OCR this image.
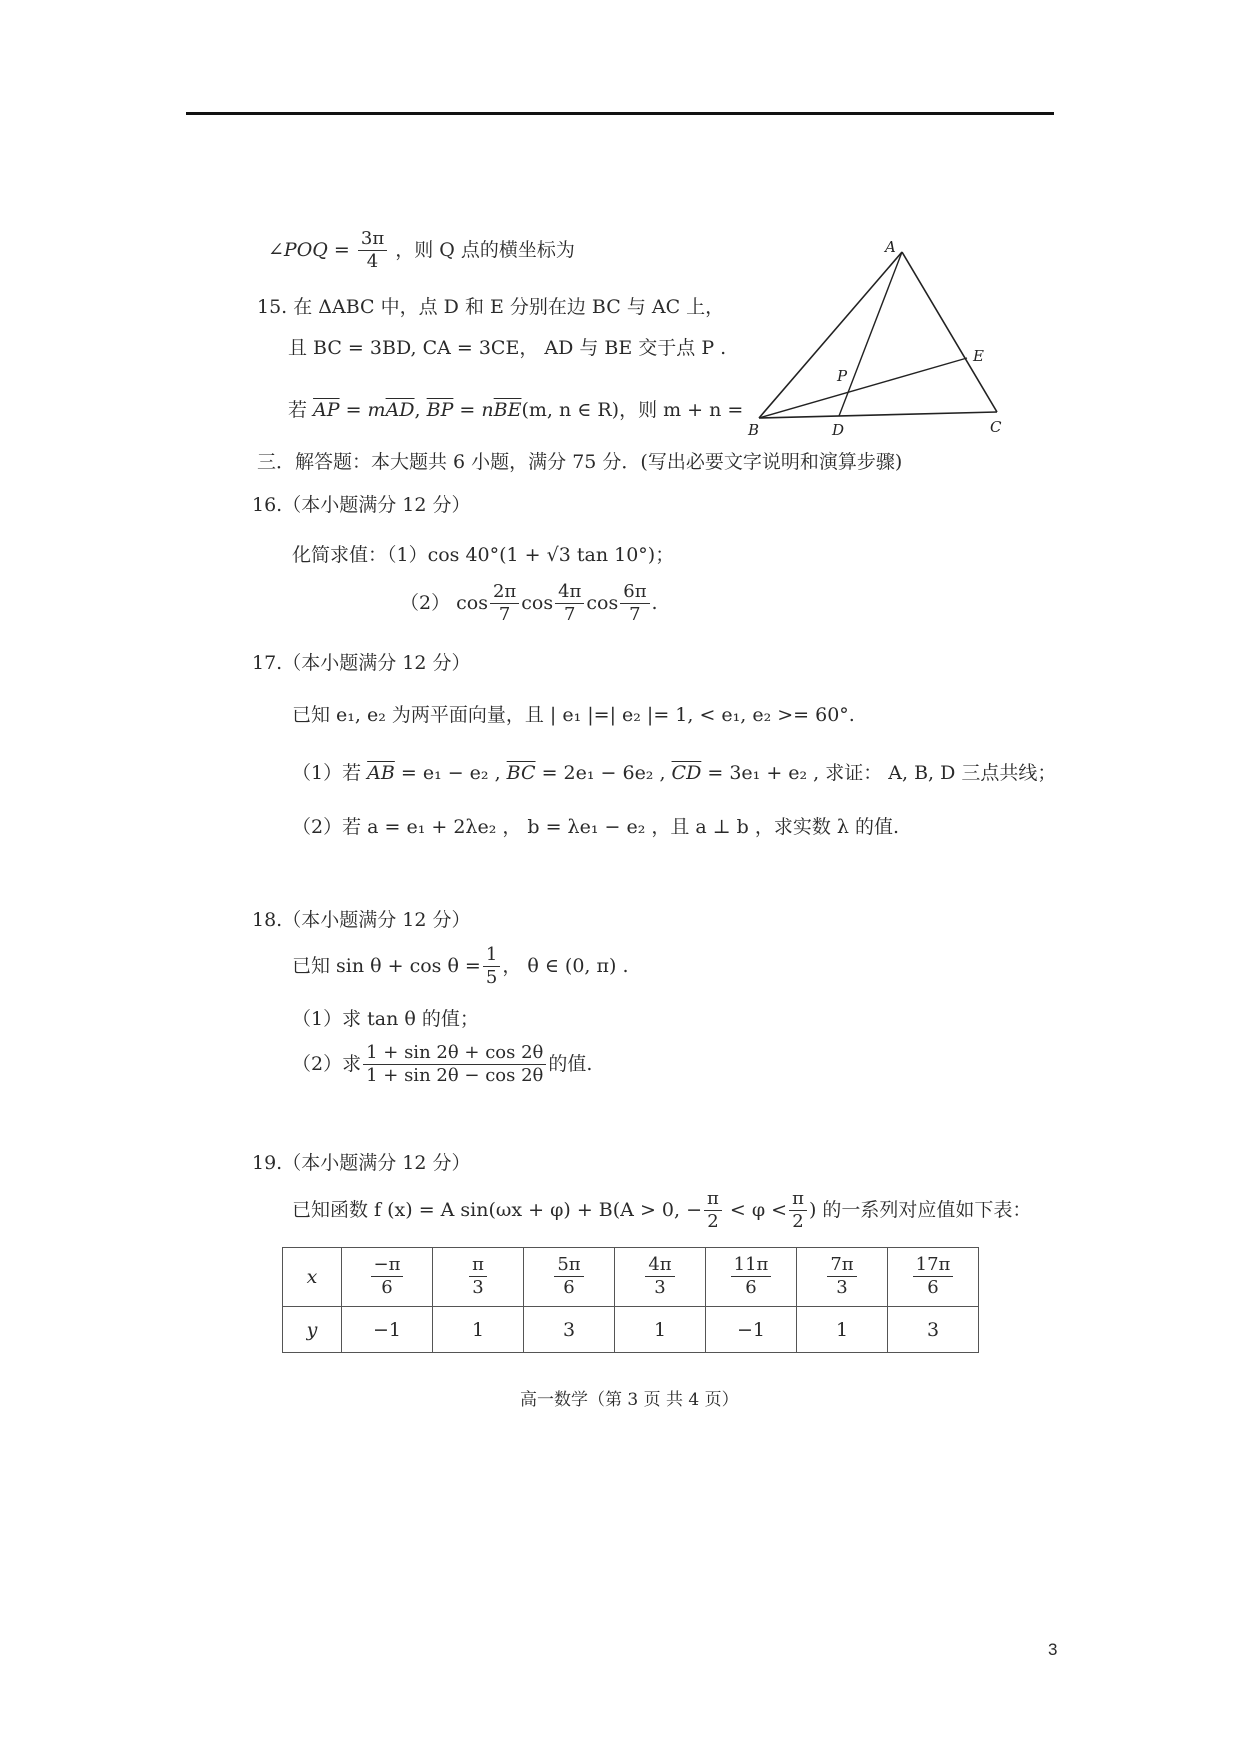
∠POQ = $\frac{3\pi}{4}$ ，则 Q 点的横坐标为
15. 在 ΔABC 中，点 D 和 E 分别在边 BC 与 AC 上，
且 BC = 3BD, CA = 3CE， AD 与 BE 交于点 P .
若 $\overline{AP} = m\overline{AD}$, $\overline{BP} = n\overline{BE}(m$, n ∈ R)，则 m + n =
A
B	C
D
E
P
三．解答题：本大题共 6 小题，满分 75 分．(写出必要文字说明和演算步骤)
16.（本小题满分 12 分）
化简求值：（1）cos 40°(1 + √3 tan 10°)；
（2） $\cos \frac{2\pi}{7}$ $\cos \frac{4\pi}{7}$ $\cos \frac{6\pi}{7}$ .
17.（本小题满分 12 分）
已知 e₁, e₂ 为两平面向量，且 | e₁ |=| e₂ |= 1, < e₁, e₂ >= 60°.
（1）若 $\overline{AB} = e_1 - e_2$ , $\overline{BC} = 2e_1 - 6e_2$ , $\overline{CD} = 3e_1 + e_2$ , 求证： A, B, D 三点共线；
（2）若 a = e₁ + 2λe₂ ， b = λe₁ − e₂ ，且 a ⊥ b ，求实数 λ 的值.
18.（本小题满分 12 分）
已知 $\sin \theta + \cos \theta = \frac{1}{5}$ ， θ ∈ (0, π) .
（1）求 tan θ 的值；
（2）求 $\frac{1 + \sin 2\theta + \cos 2\theta}{1 + \sin 2\theta - \cos 2\theta}$ 的值.
19.（本小题满分 12 分）
已知函数 f (x) = A sin(ωx + φ) + B(A > 0, − $\frac{\pi}{2} < \varphi < \frac{\pi}{2}$ ) 的一系列对应值如下表：
x	$\frac{-\pi}{6}$	$\frac{\pi}{3}$	$\frac{5\pi}{6}$	$\frac{4\pi}{3}$	$\frac{11\pi}{6}$	$\frac{7\pi}{3}$	$\frac{17\pi}{6}$

y	−1	1	3	1	−1	1	3
高一数学（第 3 页 共 4 页）
3
